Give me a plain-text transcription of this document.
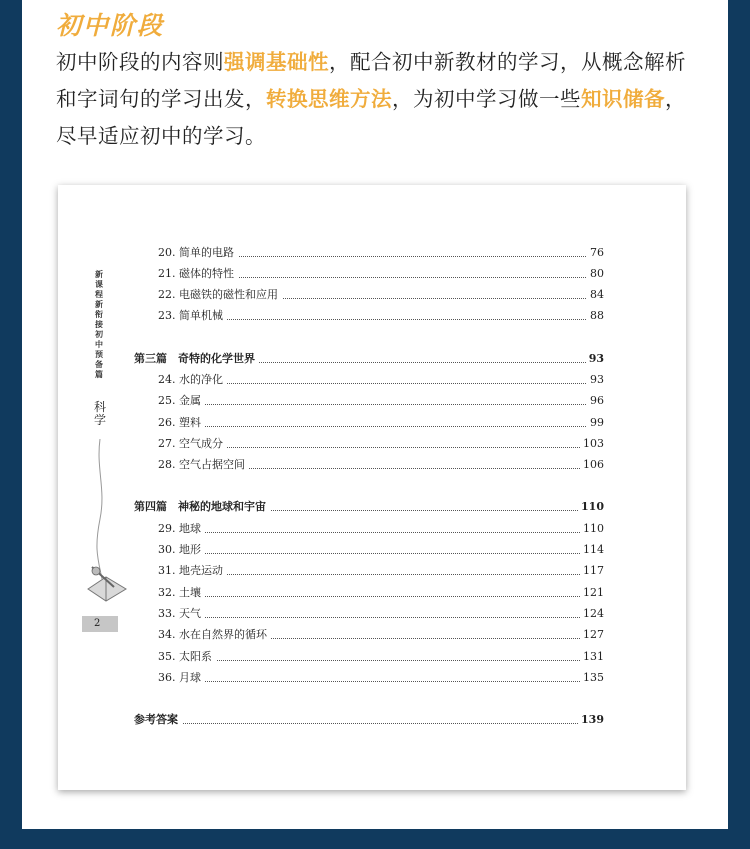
初中阶段
初中阶段的内容则强调基础性，配合初中新教材的学习，从概念解析和字词句的学习出发，转换思维方法，为初中学习做一些知识储备，尽早适应初中的学习。
新课程 新衔接 初中预备篇
科学
2
20. 简单的电路	76
21. 磁体的特性	80
22. 电磁铁的磁性和应用	84
23. 简单机械	88
第三篇　奇特的化学世界	93
24. 水的净化	93
25. 金属	96
26. 塑料	99
27. 空气成分	103
28. 空气占据空间	106
第四篇　神秘的地球和宇宙	110
29. 地球	110
30. 地形	114
31. 地壳运动	117
32. 土壤	121
33. 天气	124
34. 水在自然界的循环	127
35. 太阳系	131
36. 月球	135
参考答案	139
